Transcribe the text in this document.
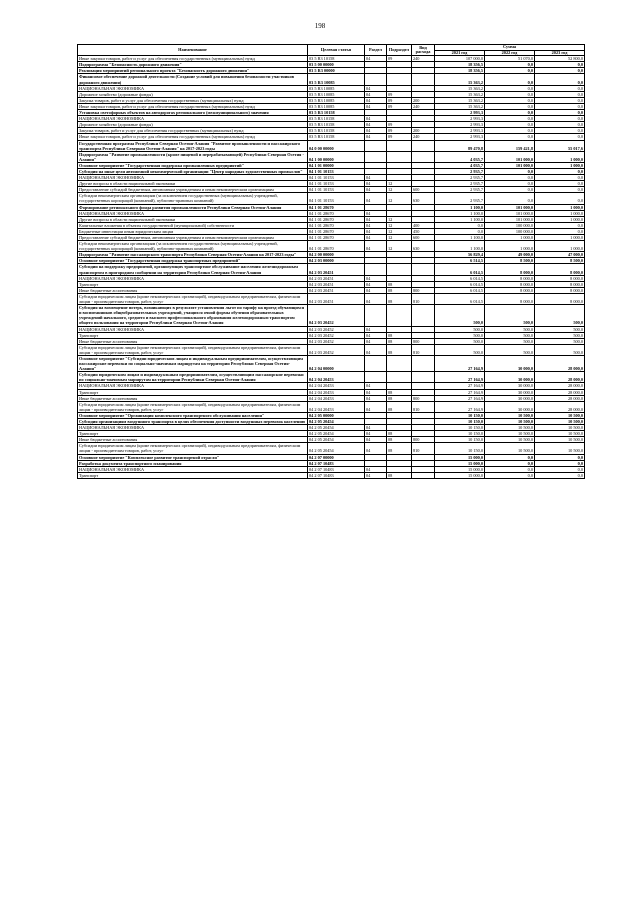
198
Наименование	Целевая статья	Раздел	Подраздел	Вид расхода	Сумма		
					2021 год	2022 год	2023 год
Иные закупки товаров, работ и услуг для обеспечения государственных (муниципальных) нужд	03 5 R3 10158	04	09	240	107 000,0	51 070,0	52 800,0
Подпрограмма "Безопасность дорожного движения"	03 5 00 00000				18 356,5	0,0	0,0
Реализация мероприятий регионального проекта "Безопасность дорожного движения"	03 5 R3 00000				18 356,5	0,0	0,0
Финансовое обеспечение дорожной деятельности (Создание условий для повышения безопасности участников дорожного движения)	03 5 R3 10085				15 363,2	0,0	0,0
НАЦИОНАЛЬНАЯ ЭКОНОМИКА	03 5 R3 10085	04			15 363,2	0,0	0,0
Дорожное хозяйство (дорожные фонды)	03 5 R3 10085	04	09		15 363,2	0,0	0,0
Закупка товаров, работ и услуг для обеспечения государственных (муниципальных) нужд	03 5 R3 10085	04	09	200	15 363,2	0,0	0,0
Иные закупки товаров, работ и услуг для обеспечения государственных (муниципальных) нужд	03 5 R3 10085	04	09	240	15 363,2	0,0	0,0
Установка светофорных объектов на автодорогах регионального (межмуниципального) значения	03 5 R3 10158				2 993,3	0,0	0,0
НАЦИОНАЛЬНАЯ ЭКОНОМИКА	03 5 R3 10158	04			2 993,3	0,0	0,0
Дорожное хозяйство (дорожные фонды)	03 5 R3 10158	04	09		2 993,3	0,0	0,0
Закупка товаров, работ и услуг для обеспечения государственных (муниципальных) нужд	03 5 R3 10158	04	09	200	2 993,3	0,0	0,0
Иные закупки товаров, работ и услуг для обеспечения государственных (муниципальных) нужд	03 5 R3 10158	04	09	240	2 993,3	0,0	0,0
Государственная программа Республики Северная Осетия-Алания "Развитие промышленности и пассажирского транспорта Республики Северная Осетия-Алания" на 2017-2023 годы	04 0 00 00000				89 470,8	159 421,8	55 017,6
Подпрограмма "Развитие промышленности (кроме пищевой и перерабатывающей) Республики Северная Осетия - Алания"	04 1 00 00000				4 035,7	101 000,0	1 000,0
Основное мероприятие "Государственная поддержка промышленных предприятий"	04 1 01 00000				4 035,7	101 000,0	1 000,0
Субсидия на иные цели автономной некоммерческой организации "Центр народных художественных промыслов"	04 1 01 10153				2 935,7	0,0	0,0
НАЦИОНАЛЬНАЯ ЭКОНОМИКА	04 1 01 10153	04			2 935,7	0,0	0,0
Другие вопросы в области национальной экономики	04 1 01 10153	04	12		2 935,7	0,0	0,0
Предоставление субсидий бюджетным, автономным учреждениям и иным некоммерческим организациям	04 1 01 10153	04	12	600	2 935,7	0,0	0,0
Субсидии некоммерческим организациям (за исключением государственных (муниципальных) учреждений, государственных корпораций (компаний), публично-правовых компаний)	04 1 01 10153	04	12	630	2 935,7	0,0	0,0
Формирование регионального фонда развития промышленности Республики Северная Осетия-Алания	04 1 01 28670				1 100,0	101 000,0	1 000,0
НАЦИОНАЛЬНАЯ ЭКОНОМИКА	04 1 01 28670	04			1 100,0	101 000,0	1 000,0
Другие вопросы в области национальной экономики	04 1 01 28670	04	12		1 100,0	101 000,0	1 000,0
Капитальные вложения в объекты государственной (муниципальной) собственности	04 1 01 28670	04	12	400	0,0	100 000,0	0,0
Бюджетные инвестиции иным юридическим лицам	04 1 01 28670	04	12	450	0,0	100 000,0	0,0
Предоставление субсидий бюджетным, автономным учреждениям и иным некоммерческим организациям	04 1 01 28670	04	12	600	1 100,0	1 000,0	1 000,0
Субсидии некоммерческим организациям (за исключением государственных (муниципальных) учреждений, государственных корпораций (компаний), публично-правовых компаний)	04 1 01 28670	04	12	630	1 100,0	1 000,0	1 000,0
Подпрограмма "Развитие пассажирского транспорта Республики Северная Осетия-Алания на 2017-2023 годы"	04 2 00 00000				56 829,4	49 000,0	47 000,0
Основное мероприятие "Государственная поддержка транспортных предприятий"	04 2 03 00000				6 514,5	8 500,0	8 500,0
Субсидии на поддержку предприятий, организующих транспортное обслуживание населения железнодорожным транспортом в пригородном сообщении на территории Республики Северная Осетия-Алания	04 2 03 20451				6 014,5	8 000,0	8 000,0
НАЦИОНАЛЬНАЯ ЭКОНОМИКА	04 2 03 20451	04			6 014,5	8 000,0	8 000,0
Транспорт	04 2 03 20451	04	08		6 014,5	8 000,0	8 000,0
Иные бюджетные ассигнования	04 2 03 20451	04	08	800	6 014,5	8 000,0	8 000,0
Субсидии юридическим лицам (кроме некоммерческих организаций), индивидуальным предпринимателям, физическим лицам - производителям товаров, работ, услуг	04 2 03 20451	04	08	810	6 014,5	8 000,0	8 000,0
Субсидия на возмещение потерь, возникающих в результате установления льгот по тарифу на проезд обучающихся и воспитанников общеобразовательных учреждений, учащихся очной формы обучения образовательных учреждений начального, среднего и высшего профессионального образования железнодорожным транспортом общего пользования на территории Республики Северная Осетия-Алания	04 2 03 20452				500,0	500,0	500,0
НАЦИОНАЛЬНАЯ ЭКОНОМИКА	04 2 03 20452	04			500,0	500,0	500,0
Транспорт	04 2 03 20452	04	08		500,0	500,0	500,0
Иные бюджетные ассигнования	04 2 03 20452	04	08	800	500,0	500,0	500,0
Субсидии юридическим лицам (кроме некоммерческих организаций), индивидуальным предпринимателям, физическим лицам - производителям товаров, работ, услуг	04 2 03 20452	04	08	810	500,0	500,0	500,0
Основное мероприятие "Субсидии юридическим лицам и индивидуальным предпринимателям, осуществляющим пассажирские перевозки по социально-значимым маршрутам на территории Республики Северная Осетия-Алания"	04 2 04 00000				27 164,9	30 000,0	28 000,0
Субсидии юридическим лицам и индивидуальным предпринимателям, осуществляющим пассажирские перевозки по социально-значимым маршрутам на территории Республики Северная Осетия-Алания	04 2 04 20453				27 164,9	30 000,0	28 000,0
НАЦИОНАЛЬНАЯ ЭКОНОМИКА	04 2 04 20453	04			27 164,9	30 000,0	28 000,0
Транспорт	04 2 04 20453	04	08		27 164,9	30 000,0	28 000,0
Иные бюджетные ассигнования	04 2 04 20453	04	08	800	27 164,9	30 000,0	28 000,0
Субсидии юридическим лицам (кроме некоммерческих организаций), индивидуальным предпринимателям, физическим лицам - производителям товаров, работ, услуг	04 2 04 20453	04	08	810	27 164,9	30 000,0	28 000,0
Основное мероприятие "Организация комплексного транспортного обслуживания населения"	04 2 05 00000				10 150,0	10 500,0	10 500,0
Субсидия организациям воздушного транспорта в целях обеспечения доступности воздушных перевозок населению	04 2 05 20454				10 150,0	10 500,0	10 500,0
НАЦИОНАЛЬНАЯ ЭКОНОМИКА	04 2 05 20454	04			10 150,0	10 500,0	10 500,0
Транспорт	04 2 05 20454	04	08		10 150,0	10 500,0	10 500,0
Иные бюджетные ассигнования	04 2 05 20454	04	08	800	10 150,0	10 500,0	10 500,0
Субсидии юридическим лицам (кроме некоммерческих организаций), индивидуальным предпринимателям, физическим лицам - производителям товаров, работ, услуг	04 2 05 20454	04	08	810	10 150,0	10 500,0	10 500,0
Основное мероприятие "Комплексное развитие транспортной отрасли"	04 2 07 00000				15 000,0	0,0	0,0
Разработка документа транспортного планирования	04 2 07 10483				15 000,0	0,0	0,0
НАЦИОНАЛЬНАЯ ЭКОНОМИКА	04 2 07 10483	04			15 000,0	0,0	0,0
Транспорт	04 2 07 10483	04	08		15 000,0	0,0	0,0
